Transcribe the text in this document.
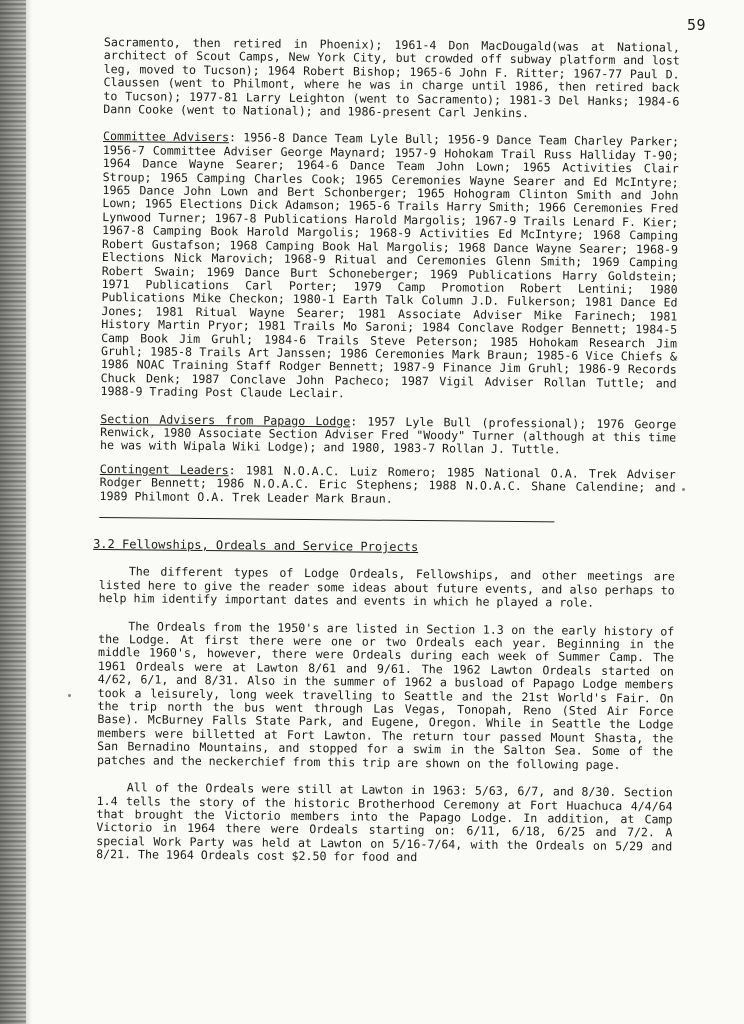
59

Sacramento, then retired in Phoenix); 1961-4 Don MacDougald(was at National, architect of Scout Camps, New York City, but crowded off subway platform and lost leg, moved to Tucson); 1964 Robert Bishop; 1965-6 John F. Ritter; 1967-77 Paul D. Claussen (went to Philmont, where he was in charge until 1986, then retired back to Tucson); 1977-81 Larry Leighton (went to Sacramento); 1981-3 Del Hanks; 1984-6 Dann Cooke (went to National); and 1986-present Carl Jenkins.

Committee Advisers: 1956-8 Dance Team Lyle Bull; 1956-9 Dance Team Charley Parker; 1956-7 Committee Adviser George Maynard; 1957-9 Hohokam Trail Russ Halliday T-90; 1964 Dance Wayne Searer; 1964-6 Dance Team John Lown; 1965 Activities Clair Stroup; 1965 Camping Charles Cook; 1965 Ceremonies Wayne Searer and Ed McIntyre; 1965 Dance John Lown and Bert Schonberger; 1965 Hohogram Clinton Smith and John Lown; 1965 Elections Dick Adamson; 1965-6 Trails Harry Smith; 1966 Ceremonies Fred Lynwood Turner; 1967-8 Publications Harold Margolis; 1967-9 Trails Lenard F. Kier; 1967-8 Camping Book Harold Margolis; 1968-9 Activities Ed McIntyre; 1968 Camping Robert Gustafson; 1968 Camping Book Hal Margolis; 1968 Dance Wayne Searer; 1968-9 Elections Nick Marovich; 1968-9 Ritual and Ceremonies Glenn Smith; 1969 Camping Robert Swain; 1969 Dance Burt Schoneberger; 1969 Publications Harry Goldstein; 1971 Publications Carl Porter; 1979 Camp Promotion Robert Lentini; 1980 Publications Mike Checkon; 1980-1 Earth Talk Column J.D. Fulkerson; 1981 Dance Ed Jones; 1981 Ritual Wayne Searer; 1981 Associate Adviser Mike Farinech; 1981 History Martin Pryor; 1981 Trails Mo Saroni; 1984 Conclave Rodger Bennett; 1984-5 Camp Book Jim Gruhl; 1984-6 Trails Steve Peterson; 1985 Hohokam Research Jim Gruhl; 1985-8 Trails Art Janssen; 1986 Ceremonies Mark Braun; 1985-6 Vice Chiefs & 1986 NOAC Training Staff Rodger Bennett; 1987-9 Finance Jim Gruhl; 1986-9 Records Chuck Denk; 1987 Conclave John Pacheco; 1987 Vigil Adviser Rollan Tuttle; and 1988-9 Trading Post Claude Leclair.

Section Advisers from Papago Lodge: 1957 Lyle Bull (professional); 1976 George Renwick, 1980 Associate Section Adviser Fred "Woody" Turner (although at this time he was with Wipala Wiki Lodge); and 1980, 1983-7 Rollan J. Tuttle.

Contingent Leaders: 1981 N.O.A.C. Luiz Romero; 1985 National O.A. Trek Adviser Rodger Bennett; 1986 N.O.A.C. Eric Stephens; 1988 N.O.A.C. Shane Calendine; and 1989 Philmont O.A. Trek Leader Mark Braun.

3.2 Fellowships, Ordeals and Service Projects

The different types of Lodge Ordeals, Fellowships, and other meetings are listed here to give the reader some ideas about future events, and also perhaps to help him identify important dates and events in which he played a role.

The Ordeals from the 1950's are listed in Section 1.3 on the early history of the Lodge. At first there were one or two Ordeals each year. Beginning in the middle 1960's, however, there were Ordeals during each week of Summer Camp. The 1961 Ordeals were at Lawton 8/61 and 9/61. The 1962 Lawton Ordeals started on 4/62, 6/1, and 8/31. Also in the summer of 1962 a busload of Papago Lodge members took a leisurely, long week travelling to Seattle and the 21st World's Fair. On the trip north the bus went through Las Vegas, Tonopah, Reno (Sted Air Force Base). McBurney Falls State Park, and Eugene, Oregon. While in Seattle the Lodge members were billetted at Fort Lawton. The return tour passed Mount Shasta, the San Bernadino Mountains, and stopped for a swim in the Salton Sea. Some of the patches and the neckerchief from this trip are shown on the following page.

All of the Ordeals were still at Lawton in 1963: 5/63, 6/7, and 8/30. Section 1.4 tells the story of the historic Brotherhood Ceremony at Fort Huachuca 4/4/64 that brought the Victorio members into the Papago Lodge. In addition, at Camp Victorio in 1964 there were Ordeals starting on: 6/11, 6/18, 6/25 and 7/2. A special Work Party was held at Lawton on 5/16-7/64, with the Ordeals on 5/29 and 8/21. The 1964 Ordeals cost $2.50 for food and
